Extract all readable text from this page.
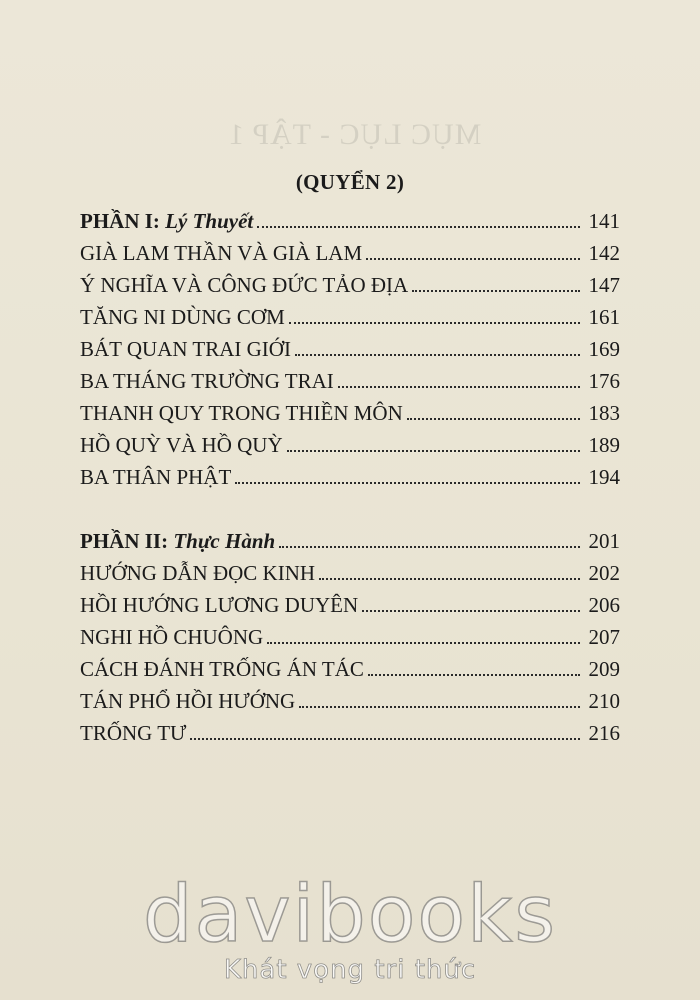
MỤC LỤC - TẬP 1
(QUYỂN 2)
PHẦN I: Lý Thuyết	141
GIÀ LAM THẦN VÀ GIÀ LAM	142
Ý NGHĨA VÀ CÔNG ĐỨC TẢO ĐỊA	147
TĂNG NI DÙNG CƠM	161
BÁT QUAN TRAI GIỚI	169
BA THÁNG TRƯỜNG TRAI	176
THANH QUY TRONG THIỀN MÔN	183
HỒ QUỲ VÀ HỒ QUỲ	189
BA THÂN PHẬT	194
PHẦN II: Thực Hành	201
HƯỚNG DẪN ĐỌC KINH	202
HỒI HƯỚNG LƯƠNG DUYÊN	206
NGHI HỒ CHUÔNG	207
CÁCH ĐÁNH TRỐNG ÁN TÁC	209
TÁN PHỔ HỒI HƯỚNG	210
TRỐNG TƯ	216
davibooks
Khát vọng tri thức
